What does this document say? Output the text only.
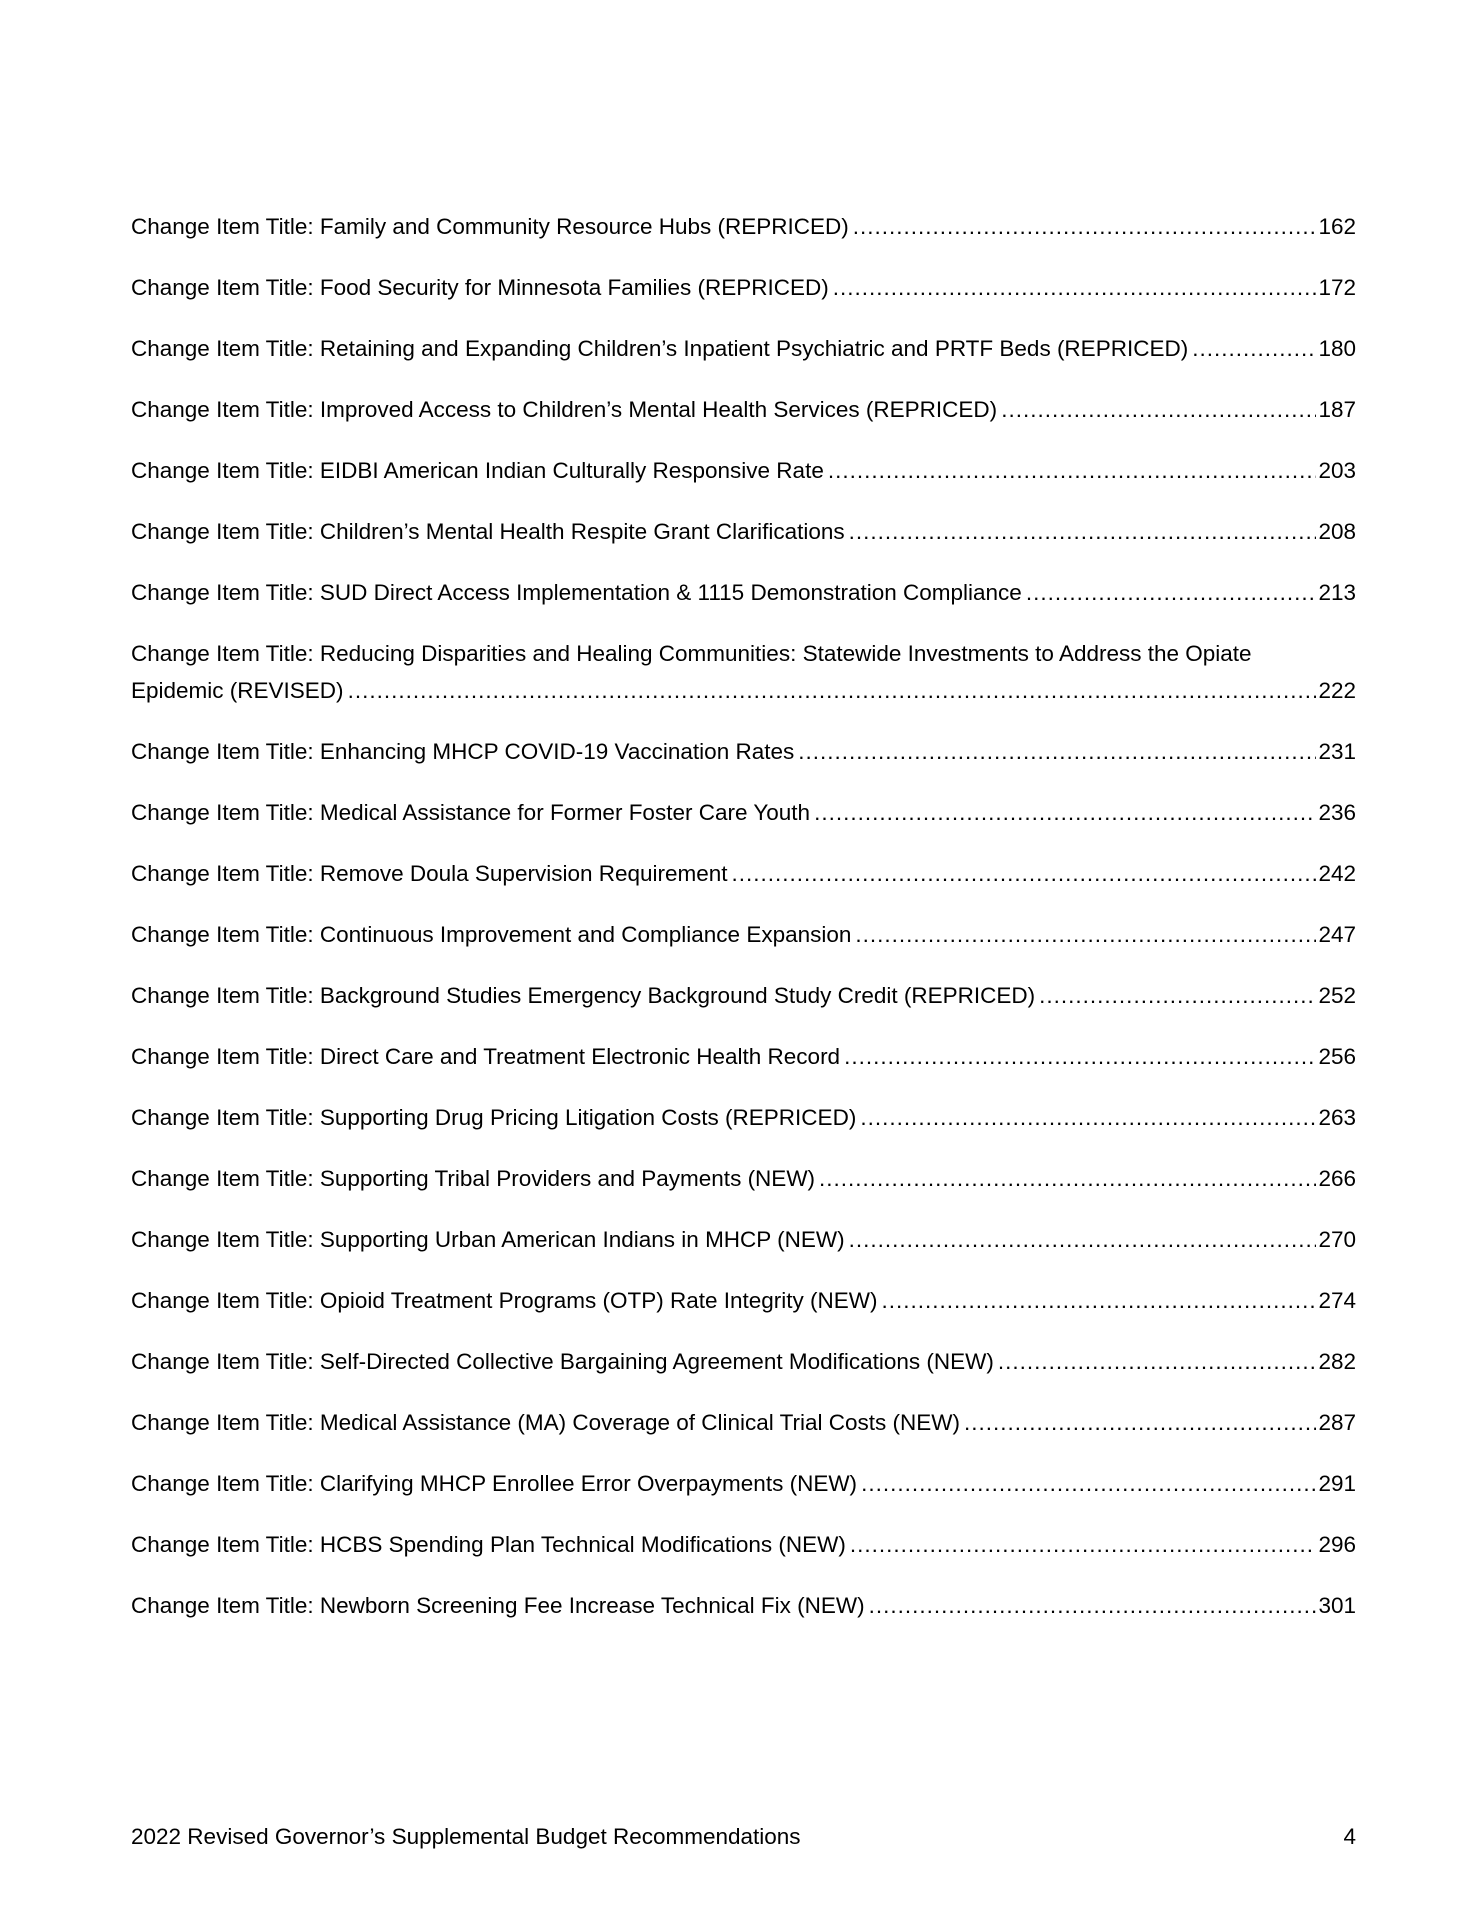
Change Item Title: Family and Community Resource Hubs (REPRICED) .....	162
Change Item Title: Food Security for Minnesota Families (REPRICED) .....	172
Change Item Title: Retaining and Expanding Children’s Inpatient Psychiatric and PRTF Beds (REPRICED) .....	180
Change Item Title: Improved Access to Children’s Mental Health Services (REPRICED) .....	187
Change Item Title: EIDBI American Indian Culturally Responsive Rate .....	203
Change Item Title: Children’s Mental Health Respite Grant Clarifications .....	208
Change Item Title: SUD Direct Access Implementation & 1115 Demonstration Compliance .....	213
Change Item Title: Reducing Disparities and Healing Communities: Statewide Investments to Address the Opiate
Epidemic (REVISED) .....	222
Change Item Title: Enhancing MHCP COVID-19 Vaccination Rates .....	231
Change Item Title: Medical Assistance for Former Foster Care Youth .....	236
Change Item Title: Remove Doula Supervision Requirement .....	242
Change Item Title: Continuous Improvement and Compliance Expansion .....	247
Change Item Title: Background Studies Emergency Background Study Credit (REPRICED) .....	252
Change Item Title: Direct Care and Treatment Electronic Health Record .....	256
Change Item Title: Supporting Drug Pricing Litigation Costs (REPRICED) .....	263
Change Item Title: Supporting Tribal Providers and Payments (NEW) .....	266
Change Item Title: Supporting Urban American Indians in MHCP (NEW) .....	270
Change Item Title: Opioid Treatment Programs (OTP) Rate Integrity (NEW) .....	274
Change Item Title: Self-Directed Collective Bargaining Agreement Modifications (NEW) .....	282
Change Item Title: Medical Assistance (MA) Coverage of Clinical Trial Costs (NEW) .....	287
Change Item Title: Clarifying MHCP Enrollee Error Overpayments (NEW) .....	291
Change Item Title: HCBS Spending Plan Technical Modifications (NEW) .....	296
Change Item Title: Newborn Screening Fee Increase Technical Fix (NEW) .....	301
2022 Revised Governor’s Supplemental Budget Recommendations	4
